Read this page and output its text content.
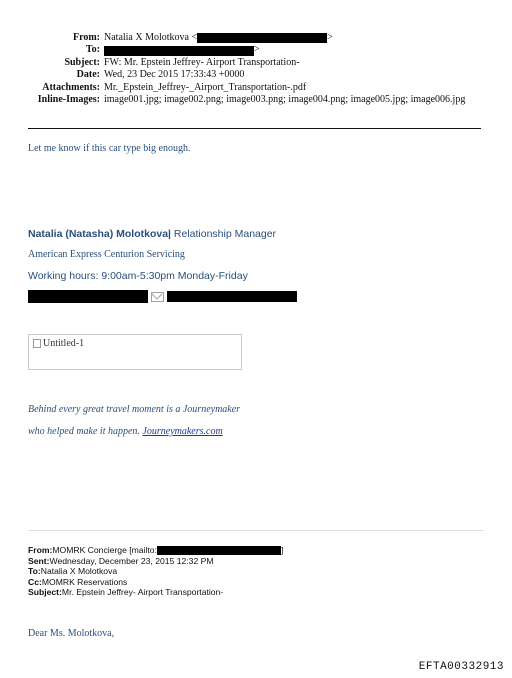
From: Natalia X Molotkova <	>
To:	>
Subject: FW: Mr. Epstein Jeffrey- Airport Transportation-
Date: Wed, 23 Dec 2015 17:33:43 +0000
Attachments: Mr._Epstein_Jeffrey-_Airport_Transportation-.pdf
Inline-Images: image001.jpg; image002.png; image003.png; image004.png; image005.jpg; image006.jpg
Let me know if this car type big enough.
Natalia (Natasha) Molotkova| Relationship Manager
American Express Centurion Servicing
Working hours: 9:00am-5:30pm Monday-Friday
Untitled-1
Behind every great travel moment is a Journeymaker
who helped make it happen. Journeymakers.com
From: MOMRK Concierge [mailto:	]
Sent: Wednesday, December 23, 2015 12:32 PM
To: Natalia X Molotkova
Cc: MOMRK Reservations
Subject: Mr. Epstein Jeffrey- Airport Transportation-
Dear Ms. Molotkova,
EFTA00332913
